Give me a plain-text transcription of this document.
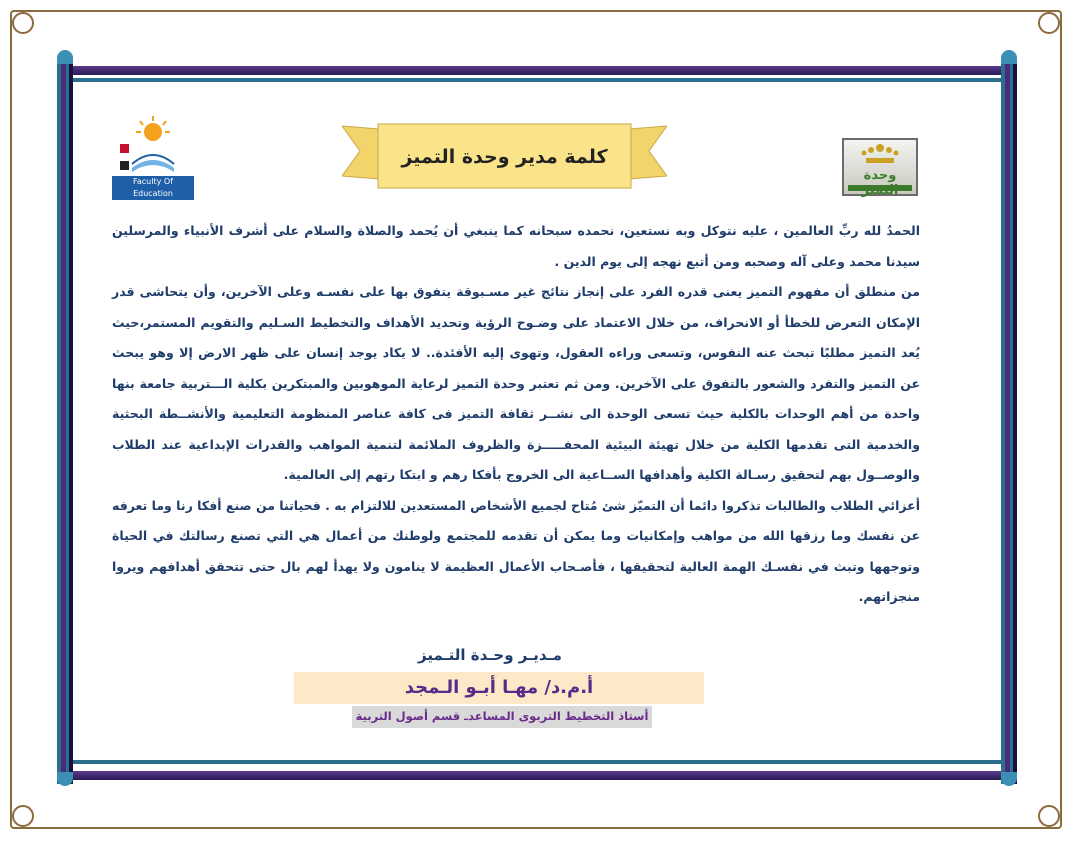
كلمة مدير وحدة التميز
Faculty Of Education
وحدة

الحمدُ لله ربِّ العالمين ، عليه نتوكل وبه نستعين، نحمده سبحانه كما ينبغي أن يُحمد والصلاة والسلام على أشرف الأنبياء والمرسلين سيدنا محمد وعلى آله وصحبه ومن أتبع نهجه إلى يوم الدين .

من منطلق أن مفهوم التميز يعنى قدره الفرد على إنجاز نتائج غير مسـبوقة يتفوق بها على نفسـه وعلى الآخرين، وأن يتحاشى قدر الإمكان التعرض للخطأ أو الانحراف، من خلال الاعتماد على وضـوح الرؤية وتحديد الأهداف والتخطيط السـليم والتقويم المستمر،حيث يُعد التميز مطلبًا تبحث عنه النفوس، وتسعى وراءه العقول، وتهوى إليه الأفئدة.. لا يكاد يوجد إنسان على ظهر الارض إلا وهو يبحث عن التميز والتفرد والشعور بالتفوق على الآخرين. ومن ثم تعتبر وحدة التميز لرعاية الموهوبين والمبتكرين بكلية الـــتربية جامعة بنها واحدة من أهم الوحدات بالكلية حيث تسعى الوحدة الى نشــر ثقافة التميز فى كافة عناصر المنظومة التعليمية والأنشــطة البحثية والخدمية التى تقدمها الكلية من خلال تهيئة البيئية المحفـــــزة والظروف الملائمة لتنمية المواهب والقدرات الإبداعية عند الطلاب والوصــول بهم لتحقيق رسـالة الكلية وأهدافها الســاعية الى الخروج بأفكا رهم و ابتكا رتهم إلى العالمية.

أعزائي الطلاب والطالبات تذكروا دائما أن التميّز شئ مُتاح لجميع الأشخاص المستعدين للالتزام به . فحياتنا من صنع أفكا رنا وما تعرفه عن نفسك وما رزقها الله من مواهب وإمكانيات وما يمكن أن تقدمه للمجتمع ولوطنك من أعمال هي التي تصنع رسالتك في الحياة وتوجهها وتبث في نفسـك الهمة العالية لتحقيقها ، فأصـحاب الأعمال العظيمة لا ينامون ولا يهدأ لهم بال حتى تتحقق أهدافهم ويروا منجزاتهم.

مـديـر وحـدة التـميز
أ.م.د/ مهـا أبـو الـمجد
أستاذ التخطيط التربوى المساعدـ قسم أصول التربية
